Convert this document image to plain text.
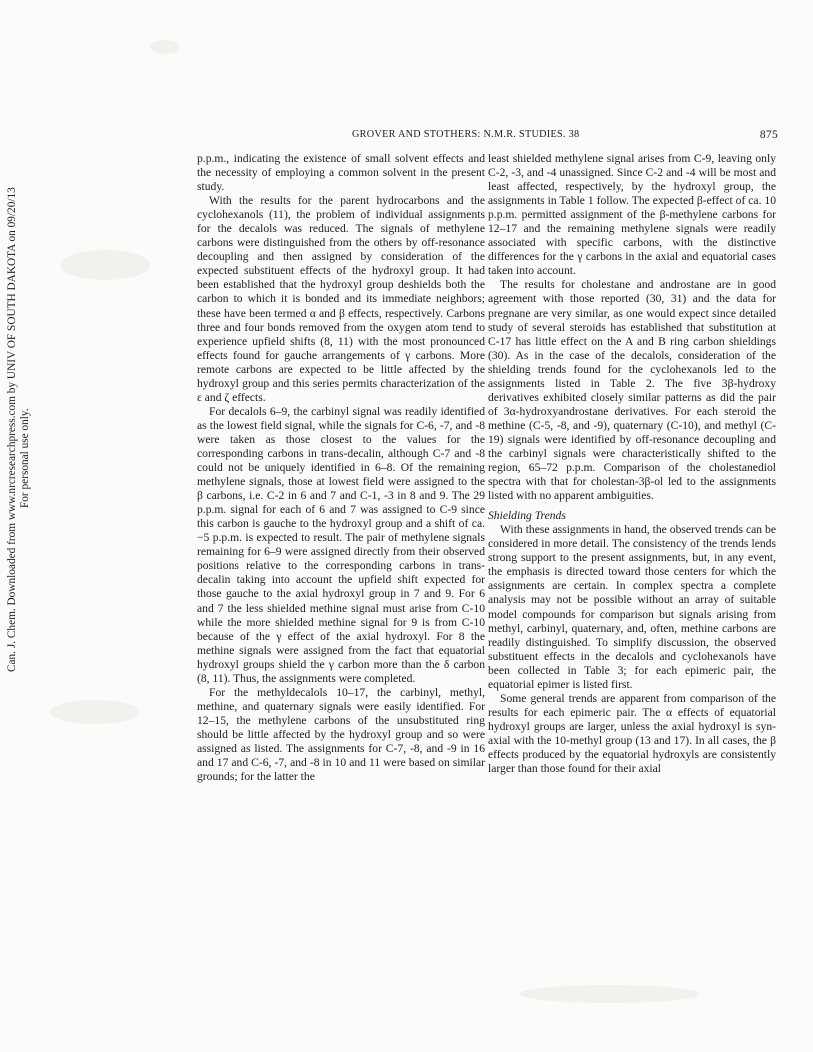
Can. J. Chem. Downloaded from www.nrcresearchpress.com by UNIV OF SOUTH DAKOTA on 09/20/13 For personal use only.
GROVER AND STOTHERS: N.M.R. STUDIES. 38	875

p.p.m., indicating the existence of small solvent effects and the necessity of employing a common solvent in the present study.

With the results for the parent hydrocarbons and the cyclohexanols (11), the problem of individual assignments for the decalols was reduced. The signals of methylene carbons were distinguished from the others by off-resonance decoupling and then assigned by consideration of the expected substituent effects of the hydroxyl group. It had been established that the hydroxyl group deshields both the carbon to which it is bonded and its immediate neighbors; these have been termed α and β effects, respectively. Carbons three and four bonds removed from the oxygen atom tend to experience upfield shifts (8, 11) with the most pronounced effects found for gauche arrangements of γ carbons. More remote carbons are expected to be little affected by the hydroxyl group and this series permits characterization of the ε and ζ effects.

For decalols 6–9, the carbinyl signal was readily identified as the lowest field signal, while the signals for C-6, -7, and -8 were taken as those closest to the values for the corresponding carbons in trans-decalin, although C-7 and -8 could not be uniquely identified in 6–8. Of the remaining methylene signals, those at lowest field were assigned to the β carbons, i.e. C-2 in 6 and 7 and C-1, -3 in 8 and 9. The 29 p.p.m. signal for each of 6 and 7 was assigned to C-9 since this carbon is gauche to the hydroxyl group and a shift of ca. −5 p.p.m. is expected to result. The pair of methylene signals remaining for 6–9 were assigned directly from their observed positions relative to the corresponding carbons in trans-decalin taking into account the upfield shift expected for those gauche to the axial hydroxyl group in 7 and 9. For 6 and 7 the less shielded methine signal must arise from C-10 while the more shielded methine signal for 9 is from C-10 because of the γ effect of the axial hydroxyl. For 8 the methine signals were assigned from the fact that equatorial hydroxyl groups shield the γ carbon more than the δ carbon (8, 11). Thus, the assignments were completed.

For the methyldecalols 10–17, the carbinyl, methyl, methine, and quaternary signals were easily identified. For 12–15, the methylene carbons of the unsubstituted ring should be little affected by the hydroxyl group and so were assigned as listed. The assignments for C-7, -8, and -9 in 16 and 17 and C-6, -7, and -8 in 10 and 11 were based on similar grounds; for the latter the

least shielded methylene signal arises from C-9, leaving only C-2, -3, and -4 unassigned. Since C-2 and -4 will be most and least affected, respectively, by the hydroxyl group, the assignments in Table 1 follow. The expected β-effect of ca. 10 p.p.m. permitted assignment of the β-methylene carbons for 12–17 and the remaining methylene signals were readily associated with specific carbons, with the distinctive differences for the γ carbons in the axial and equatorial cases taken into account.

The results for cholestane and androstane are in good agreement with those reported (30, 31) and the data for pregnane are very similar, as one would expect since detailed study of several steroids has established that substitution at C-17 has little effect on the A and B ring carbon shieldings (30). As in the case of the decalols, consideration of the shielding trends found for the cyclohexanols led to the assignments listed in Table 2. The five 3β-hydroxy derivatives exhibited closely similar patterns as did the pair of 3α-hydroxyandrostane derivatives. For each steroid the methine (C-5, -8, and -9), quaternary (C-10), and methyl (C-19) signals were identified by off-resonance decoupling and the carbinyl signals were characteristically shifted to the region, 65–72 p.p.m. Comparison of the cholestanediol spectra with that for cholestan-3β-ol led to the assignments listed with no apparent ambiguities.

Shielding Trends

With these assignments in hand, the observed trends can be considered in more detail. The consistency of the trends lends strong support to the present assignments, but, in any event, the emphasis is directed toward those centers for which the assignments are certain. In complex spectra a complete analysis may not be possible without an array of suitable model compounds for comparison but signals arising from methyl, carbinyl, quaternary, and, often, methine carbons are readily distinguished. To simplify discussion, the observed substituent effects in the decalols and cyclohexanols have been collected in Table 3; for each epimeric pair, the equatorial epimer is listed first.

Some general trends are apparent from comparison of the results for each epimeric pair. The α effects of equatorial hydroxyl groups are larger, unless the axial hydroxyl is syn-axial with the 10-methyl group (13 and 17). In all cases, the β effects produced by the equatorial hydroxyls are consistently larger than those found for their axial
